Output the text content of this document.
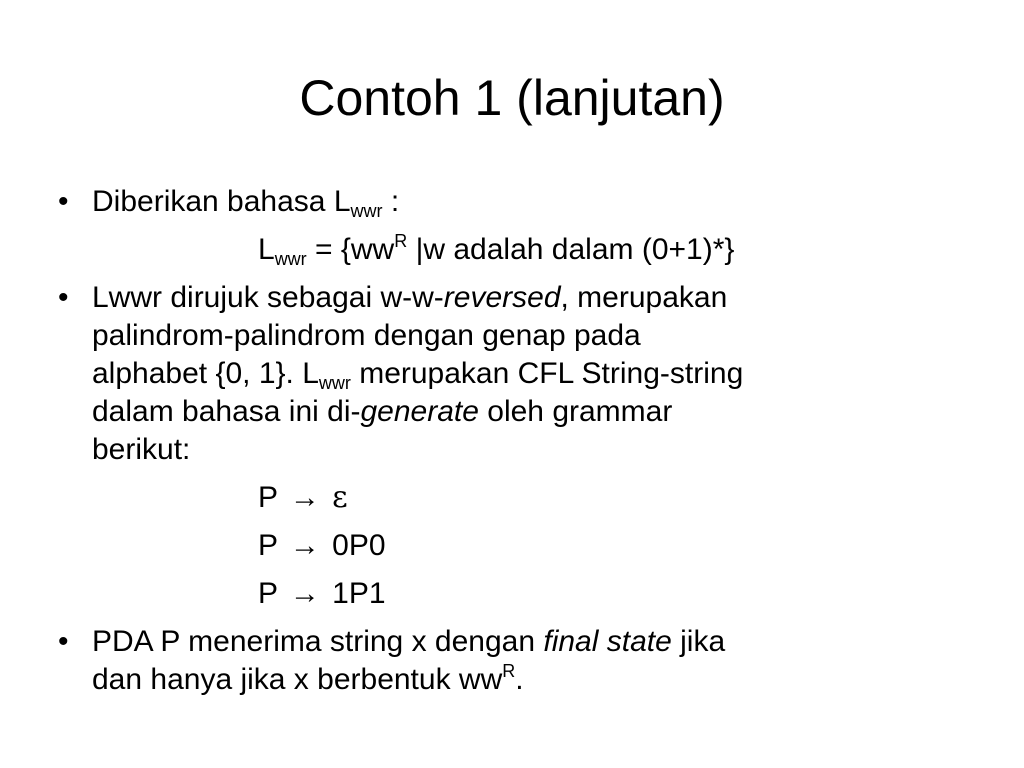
Contoh 1 (lanjutan)
• Diberikan bahasa $L_{wwr}$ :
$L_{wwr} = \{ww^R$ |w adalah dalam (0+1)*}
• Lwwr dirujuk sebagai w-w-reversed, merupakan
palindrom-palindrom dengan genap pada
alphabet {0, 1}. $L_{wwr}$ merupakan CFL String-string
dalam bahasa ini di-generate oleh grammar
berikut:
P → ε
P → 0P0
P → 1P1
• PDA P menerima string x dengan final state jika
dan hanya jika x berbentuk $ww^R$.
